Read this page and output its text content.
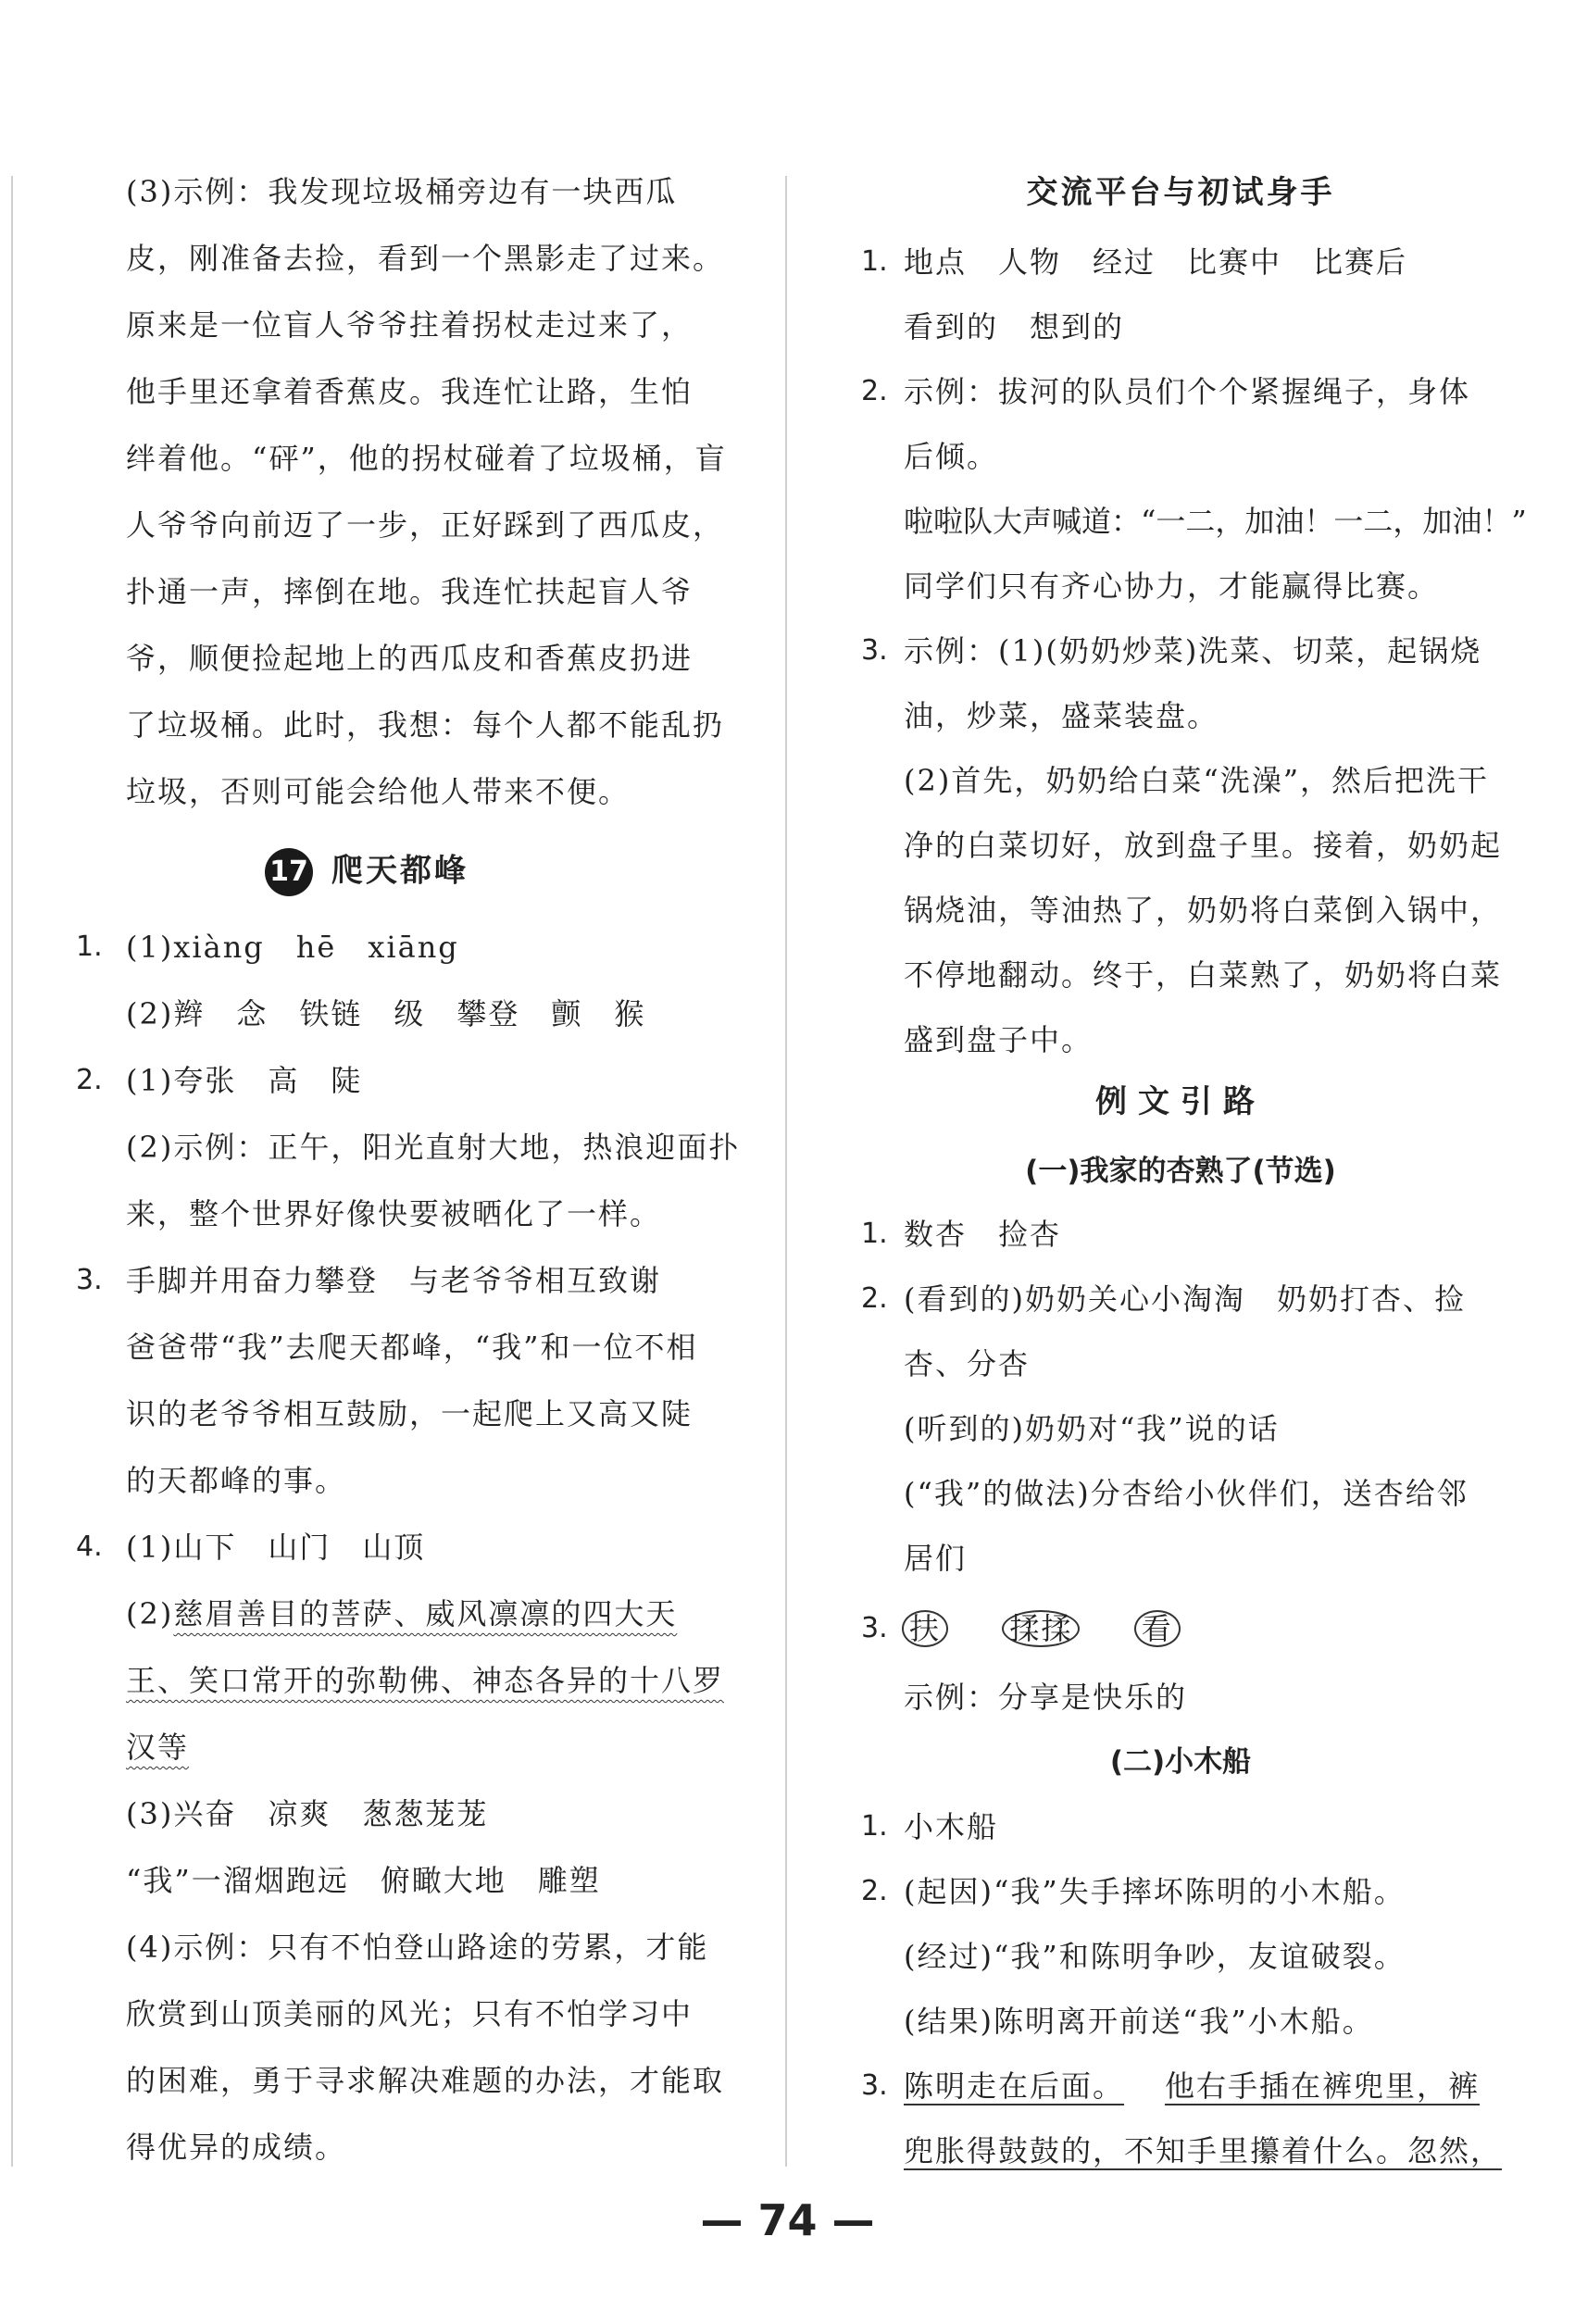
(3)示例：我发现垃圾桶旁边有一块西瓜
皮，刚准备去捡，看到一个黑影走了过来。
原来是一位盲人爷爷拄着拐杖走过来了，
他手里还拿着香蕉皮。我连忙让路，生怕
绊着他。“砰”，他的拐杖碰着了垃圾桶，盲
人爷爷向前迈了一步，正好踩到了西瓜皮，
扑通一声，摔倒在地。我连忙扶起盲人爷
爷，顺便捡起地上的西瓜皮和香蕉皮扔进
了垃圾桶。此时，我想：每个人都不能乱扔
垃圾，否则可能会给他人带来不便。
17 爬天都峰
1. (1)xiàng　hē　xiāng
(2)辫　念　铁链　级　攀登　颤　猴
2. (1)夸张　高　陡
(2)示例：正午，阳光直射大地，热浪迎面扑
来，整个世界好像快要被晒化了一样。
3. 手脚并用奋力攀登　与老爷爷相互致谢
爸爸带“我”去爬天都峰，“我”和一位不相
识的老爷爷相互鼓励，一起爬上又高又陡
的天都峰的事。
4. (1)山下　山门　山顶
(2)慈眉善目的菩萨、威风凛凛的四大天
王、笑口常开的弥勒佛、神态各异的十八罗
汉等
(3)兴奋　凉爽　葱葱茏茏
“我”一溜烟跑远　俯瞰大地　雕塑
(4)示例：只有不怕登山路途的劳累，才能
欣赏到山顶美丽的风光；只有不怕学习中
的困难，勇于寻求解决难题的办法，才能取
得优异的成绩。
交流平台与初试身手
1. 地点　人物　经过　比赛中　比赛后
看到的　想到的
2. 示例：拔河的队员们个个紧握绳子，身体
后倾。
啦啦队大声喊道：“一二，加油！一二，加油！”
同学们只有齐心协力，才能赢得比赛。
3. 示例：(1)(奶奶炒菜)洗菜、切菜，起锅烧
油，炒菜，盛菜装盘。
(2)首先，奶奶给白菜“洗澡”，然后把洗干
净的白菜切好，放到盘子里。接着，奶奶起
锅烧油，等油热了，奶奶将白菜倒入锅中，
不停地翻动。终于，白菜熟了，奶奶将白菜
盛到盘子中。
例文引路
(一)我家的杏熟了(节选)
1. 数杏　捡杏
2. (看到的)奶奶关心小淘淘　奶奶打杏、捡
杏、分杏
(听到的)奶奶对“我”说的话
(“我”的做法)分杏给小伙伴们，送杏给邻
居们
3. 扶 揉揉 看
示例：分享是快乐的
(二)小木船
1. 小木船
2. (起因)“我”失手摔坏陈明的小木船。
(经过)“我”和陈明争吵，友谊破裂。
(结果)陈明离开前送“我”小木船。
3. 陈明走在后面。 他右手插在裤兜里，裤
兜胀得鼓鼓的，不知手里攥着什么。忽然，
— 74 —
